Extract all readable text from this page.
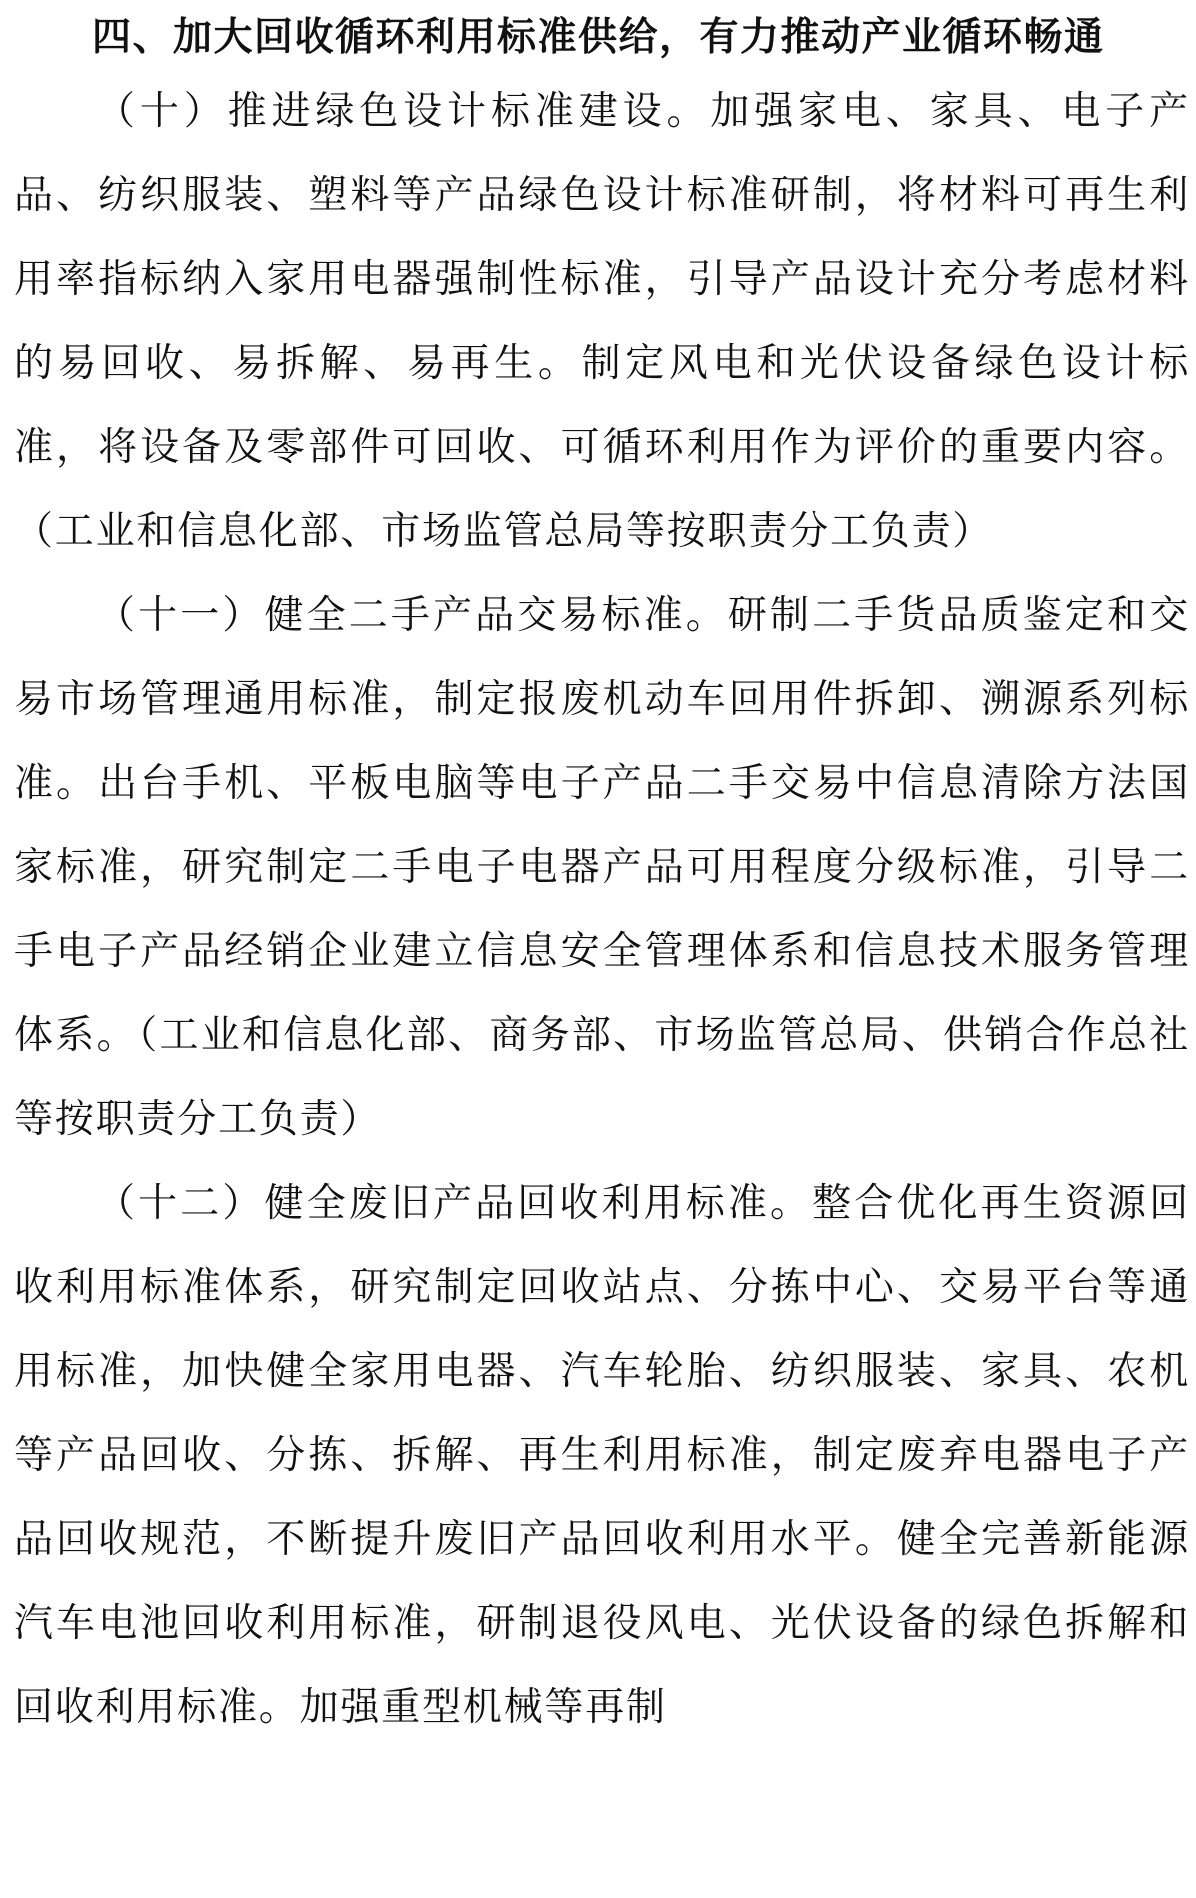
四、加大回收循环利用标准供给，有力推动产业循环畅通

（十）推进绿色设计标准建设。加强家电、家具、电子产品、纺织服装、塑料等产品绿色设计标准研制，将材料可再生利用率指标纳入家用电器强制性标准，引导产品设计充分考虑材料的易回收、易拆解、易再生。制定风电和光伏设备绿色设计标准，将设备及零部件可回收、可循环利用作为评价的重要内容。（工业和信息化部、市场监管总局等按职责分工负责）

（十一）健全二手产品交易标准。研制二手货品质鉴定和交易市场管理通用标准，制定报废机动车回用件拆卸、溯源系列标准。出台手机、平板电脑等电子产品二手交易中信息清除方法国家标准，研究制定二手电子电器产品可用程度分级标准，引导二手电子产品经销企业建立信息安全管理体系和信息技术服务管理体系。（工业和信息化部、商务部、市场监管总局、供销合作总社等按职责分工负责）

（十二）健全废旧产品回收利用标准。整合优化再生资源回收利用标准体系，研究制定回收站点、分拣中心、交易平台等通用标准，加快健全家用电器、汽车轮胎、纺织服装、家具、农机等产品回收、分拣、拆解、再生利用标准，制定废弃电器电子产品回收规范，不断提升废旧产品回收利用水平。健全完善新能源汽车电池回收利用标准，研制退役风电、光伏设备的绿色拆解和回收利用标准。加强重型机械等再制
